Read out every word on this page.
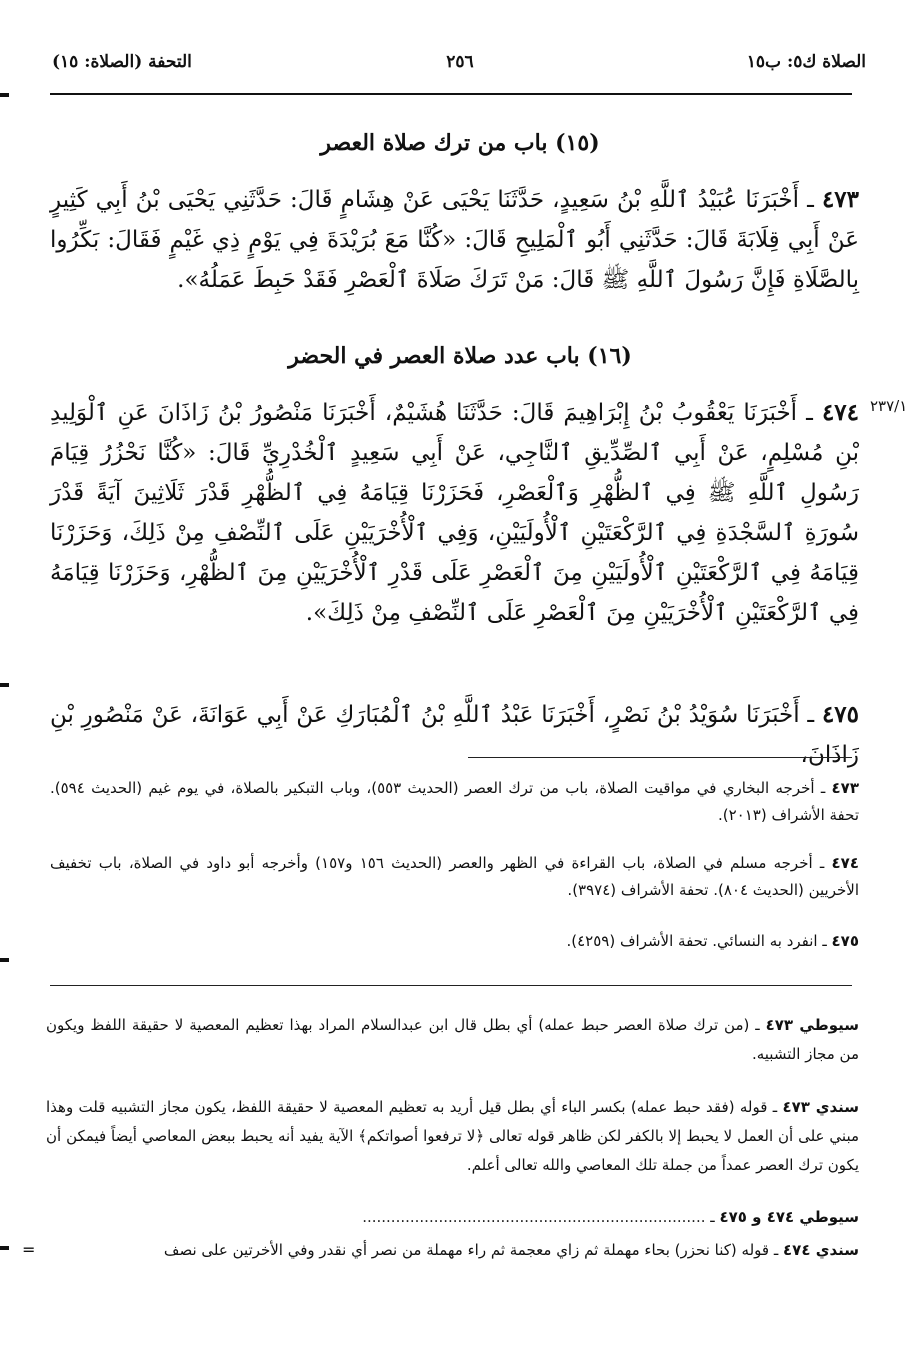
الصلاة ك٥: ب١٥
٢٥٦
التحفة (الصلاة: ١٥)
(١٥) باب من ترك صلاة العصر
٤٧٣ ـ أَخْبَرَنَا عُبَيْدُ ٱللَّهِ بْنُ سَعِيدٍ، حَدَّثَنَا يَحْيَى عَنْ هِشَامٍ قَالَ: حَدَّثَنِي يَحْيَى بْنُ أَبِي كَثِيرٍ عَنْ أَبِي قِلَابَةَ قَالَ: حَدَّثَنِي أَبُو ٱلْمَلِيحِ قَالَ: «كُنَّا مَعَ بُرَيْدَةَ فِي يَوْمٍ ذِي غَيْمٍ فَقَالَ: بَكِّرُوا بِالصَّلَاةِ فَإِنَّ رَسُولَ ٱللَّهِ ﷺ قَالَ: مَنْ تَرَكَ صَلَاةَ ٱلْعَصْرِ فَقَدْ حَبِطَ عَمَلُهُ».
(١٦) باب عدد صلاة العصر في الحضر
٢٣٧/١
٤٧٤ ـ أَخْبَرَنَا يَعْقُوبُ بْنُ إِبْرَاهِيمَ قَالَ: حَدَّثَنَا هُشَيْمٌ، أَخْبَرَنَا مَنْصُورُ بْنُ زَاذَانَ عَنِ ٱلْوَلِيدِ بْنِ مُسْلِمٍ، عَنْ أَبِي ٱلصِّدِّيقِ ٱلنَّاجِي، عَنْ أَبِي سَعِيدٍ ٱلْخُدْرِيِّ قَالَ: «كُنَّا نَحْزُرُ قِيَامَ رَسُولِ ٱللَّهِ ﷺ فِي ٱلظُّهْرِ وَٱلْعَصْرِ، فَحَزَرْنَا قِيَامَهُ فِي ٱلظُّهْرِ قَدْرَ ثَلَاثِينَ آيَةً قَدْرَ سُورَةِ ٱلسَّجْدَةِ فِي ٱلرَّكْعَتَيْنِ ٱلْأُولَيَيْنِ، وَفِي ٱلْأُخْرَيَيْنِ عَلَى ٱلنِّصْفِ مِنْ ذَلِكَ، وَحَزَرْنَا قِيَامَهُ فِي ٱلرَّكْعَتَيْنِ ٱلْأُولَيَيْنِ مِنَ ٱلْعَصْرِ عَلَى قَدْرِ ٱلْأُخْرَيَيْنِ مِنَ ٱلظُّهْرِ، وَحَزَرْنَا قِيَامَهُ فِي ٱلرَّكْعَتَيْنِ ٱلْأُخْرَيَيْنِ مِنَ ٱلْعَصْرِ عَلَى ٱلنِّصْفِ مِنْ ذَلِكَ».
٤٧٥ ـ أَخْبَرَنَا سُوَيْدُ بْنُ نَصْرٍ، أَخْبَرَنَا عَبْدُ ٱللَّهِ بْنُ ٱلْمُبَارَكِ عَنْ أَبِي عَوَانَةَ، عَنْ مَنْصُورِ بْنِ زَاذَانَ،
٤٧٣ ـ أخرجه البخاري في مواقيت الصلاة، باب من ترك العصر (الحديث ٥٥٣)، وباب التبكير بالصلاة، في يوم غيم (الحديث ٥٩٤). تحفة الأشراف (٢٠١٣).
٤٧٤ ـ أخرجه مسلم في الصلاة، باب القراءة في الظهر والعصر (الحديث ١٥٦ و١٥٧) وأخرجه أبو داود في الصلاة، باب تخفيف الأخريين (الحديث ٨٠٤). تحفة الأشراف (٣٩٧٤).
٤٧٥ ـ انفرد به النسائي. تحفة الأشراف (٤٢٥٩).
سيوطي ٤٧٣ ـ (من ترك صلاة العصر حبط عمله) أي بطل قال ابن عبدالسلام المراد بهذا تعظيم المعصية لا حقيقة اللفظ ويكون من مجاز التشبيه.
سندي ٤٧٣ ـ قوله (فقد حبط عمله) بكسر الباء أي بطل قيل أريد به تعظيم المعصية لا حقيقة اللفظ، يكون مجاز التشبيه قلت وهذا مبني على أن العمل لا يحبط إلا بالكفر لكن ظاهر قوله تعالى ﴿لا ترفعوا أصواتكم﴾ الآية يفيد أنه يحبط ببعض المعاصي أيضاً فيمكن أن يكون ترك العصر عمداً من جملة تلك المعاصي والله تعالى أعلم.
سيوطي ٤٧٤ و ٤٧٥ ـ ........................................................................
سندي ٤٧٤ ـ قوله (كنا نحزر) بحاء مهملة ثم زاي معجمة ثم راء مهملة من نصر أي نقدر وفي الأخرتين على نصف
=
